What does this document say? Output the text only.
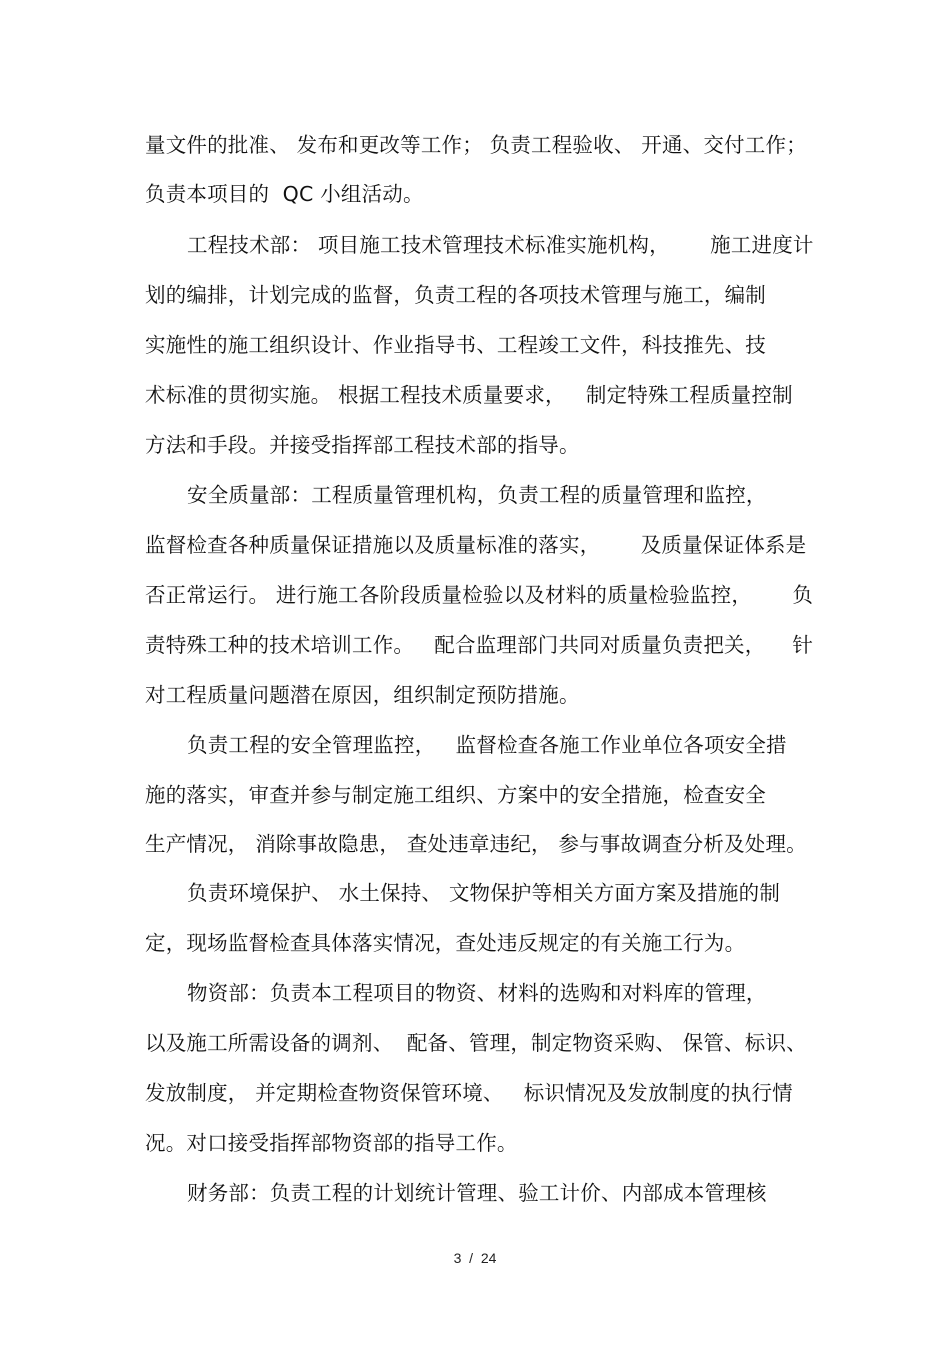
量文件的批准、 发布和更改等工作； 负责工程验收、 开通、交付工作；
负责本项目的  QC 小组活动。
工程技术部： 项目施工技术管理技术标准实施机构，      施工进度计
划的编排，计划完成的监督，负责工程的各项技术管理与施工，编制
实施性的施工组织设计、作业指导书、工程竣工文件，科技推先、技
术标准的贯彻实施。 根据工程技术质量要求，   制定特殊工程质量控制
方法和手段。并接受指挥部工程技术部的指导。
安全质量部：工程质量管理机构，负责工程的质量管理和监控，
监督检查各种质量保证措施以及质量标准的落实，      及质量保证体系是
否正常运行。 进行施工各阶段质量检验以及材料的质量检验监控，      负
责特殊工种的技术培训工作。   配合监理部门共同对质量负责把关，    针
对工程质量问题潜在原因，组织制定预防措施。
负责工程的安全管理监控，   监督检查各施工作业单位各项安全措
施的落实，审查并参与制定施工组织、方案中的安全措施，检查安全
生产情况， 消除事故隐患， 查处违章违纪， 参与事故调查分析及处理。
负责环境保护、 水土保持、 文物保护等相关方面方案及措施的制
定，现场监督检查具体落实情况，查处违反规定的有关施工行为。
物资部：负责本工程项目的物资、材料的选购和对料库的管理，
以及施工所需设备的调剂、  配备、管理，制定物资采购、 保管、标识、
发放制度， 并定期检查物资保管环境、   标识情况及发放制度的执行情
况。对口接受指挥部物资部的指导工作。
财务部：负责工程的计划统计管理、验工计价、内部成本管理核
3  /  24
